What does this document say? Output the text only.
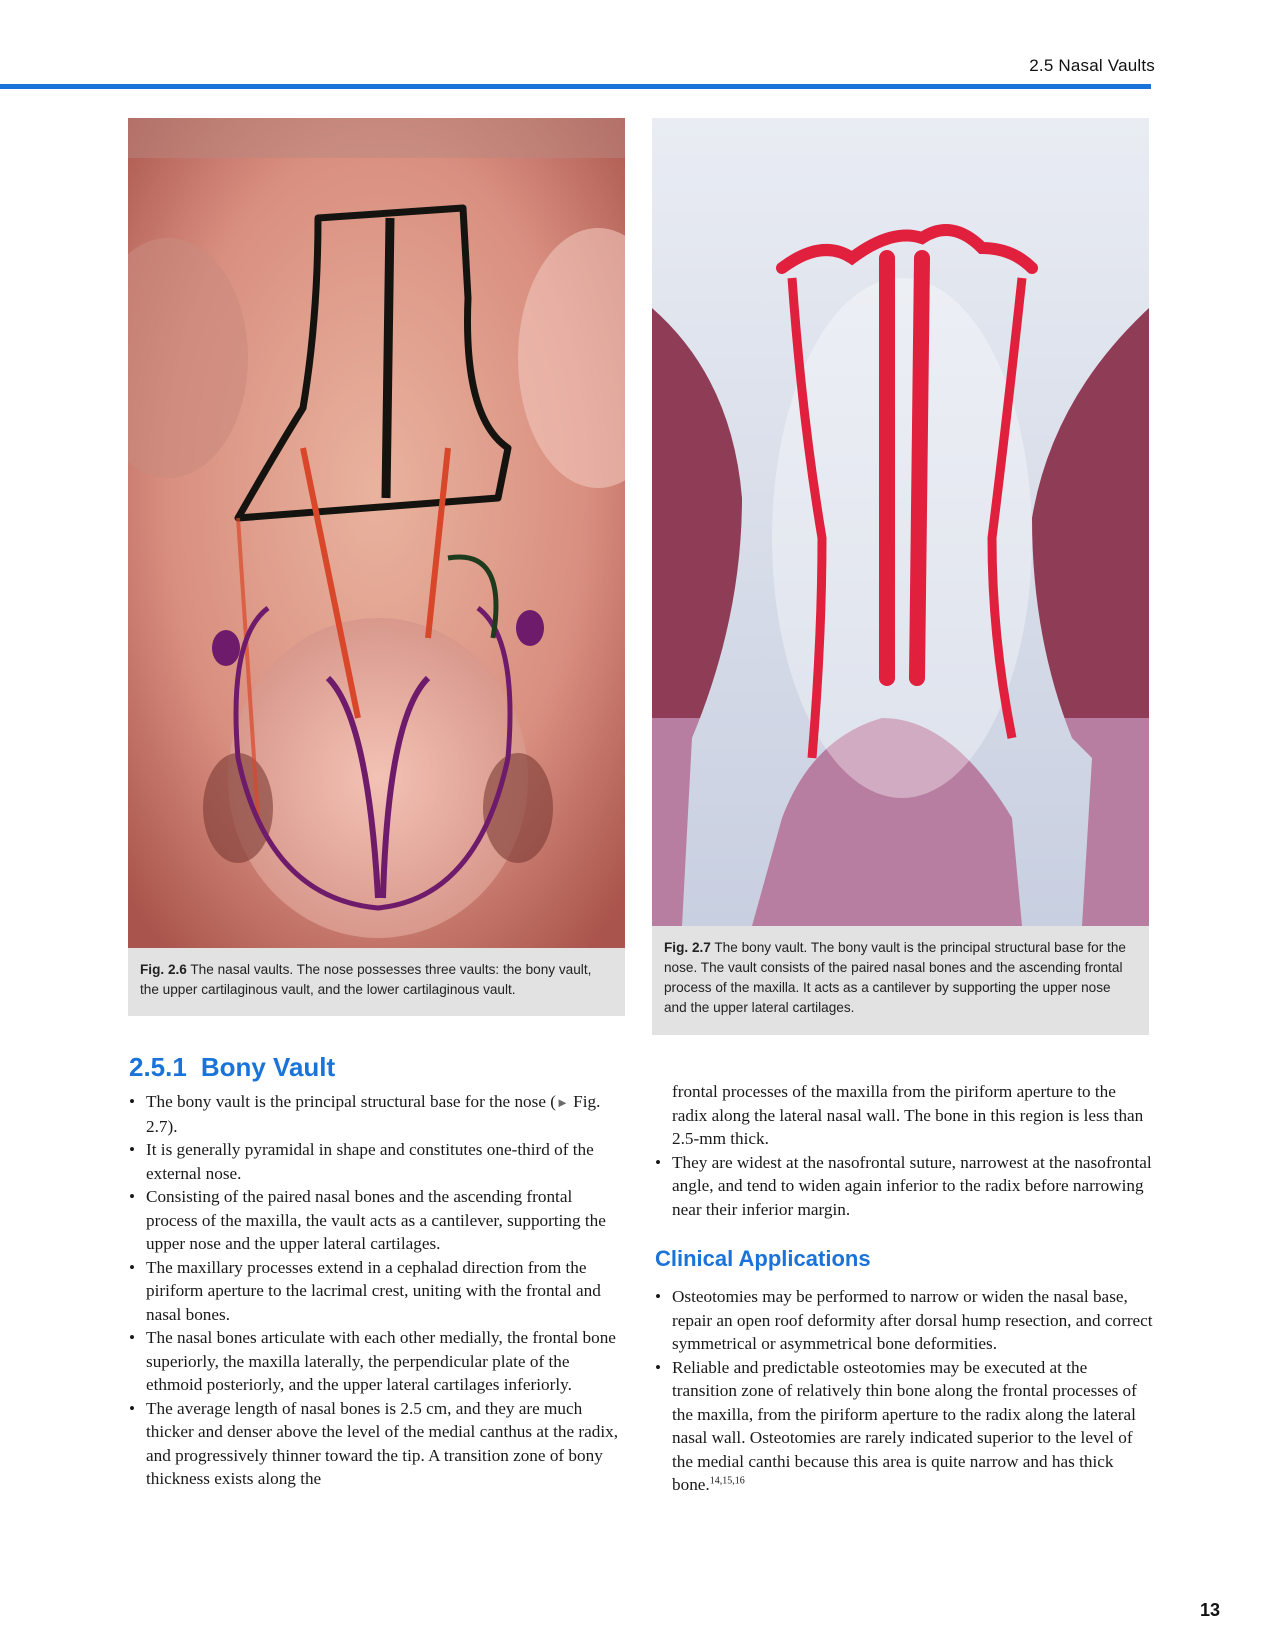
2.5 Nasal Vaults
Fig. 2.6 The nasal vaults. The nose possesses three vaults: the bony vault, the upper cartilaginous vault, and the lower cartilaginous vault.
Fig. 2.7 The bony vault. The bony vault is the principal structural base for the nose. The vault consists of the paired nasal bones and the ascending frontal process of the maxilla. It acts as a cantilever by supporting the upper nose and the upper lateral cartilages.
2.5.1 Bony Vault
• The bony vault is the principal structural base for the nose (► Fig. 2.7).
• It is generally pyramidal in shape and constitutes one-third of the external nose.
• Consisting of the paired nasal bones and the ascending frontal process of the maxilla, the vault acts as a cantilever, supporting the upper nose and the upper lateral cartilages.
• The maxillary processes extend in a cephalad direction from the piriform aperture to the lacrimal crest, uniting with the frontal and nasal bones.
• The nasal bones articulate with each other medially, the frontal bone superiorly, the maxilla laterally, the perpendicular plate of the ethmoid posteriorly, and the upper lateral cartilages inferiorly.
• The average length of nasal bones is 2.5 cm, and they are much thicker and denser above the level of the medial canthus at the radix, and progressively thinner toward the tip. A transition zone of bony thickness exists along the
frontal processes of the maxilla from the piriform aperture to the radix along the lateral nasal wall. The bone in this region is less than 2.5-mm thick.
• They are widest at the nasofrontal suture, narrowest at the nasofrontal angle, and tend to widen again inferior to the radix before narrowing near their inferior margin.
Clinical Applications
• Osteotomies may be performed to narrow or widen the nasal base, repair an open roof deformity after dorsal hump resection, and correct symmetrical or asymmetrical bone deformities.
• Reliable and predictable osteotomies may be executed at the transition zone of relatively thin bone along the frontal processes of the maxilla, from the piriform aperture to the radix along the lateral nasal wall. Osteotomies are rarely indicated superior to the level of the medial canthi because this area is quite narrow and has thick bone.$^{14,15,16}$
13
